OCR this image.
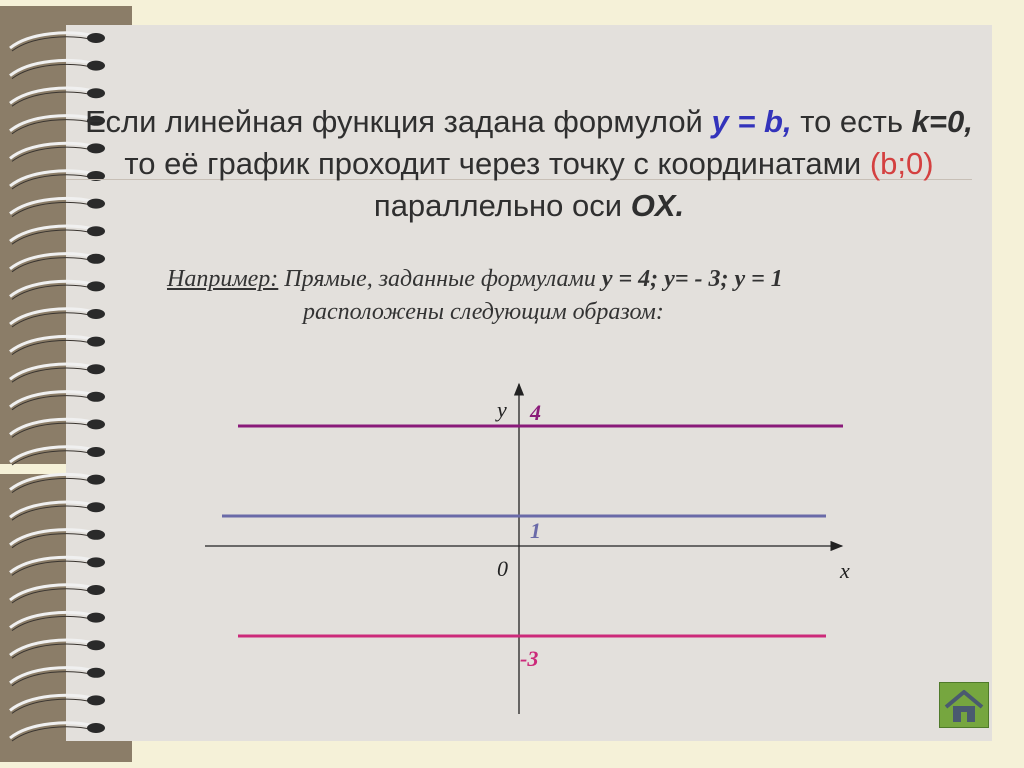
Если линейная функция задана формулой y = b, то есть k=0,
то её график проходит через точку с координатами (b;0)
параллельно оси OX.
Например: Прямые, заданные формулами y = 4; y= - 3; y = 1
расположены следующим образом:
4
1
-3
y
x
0
